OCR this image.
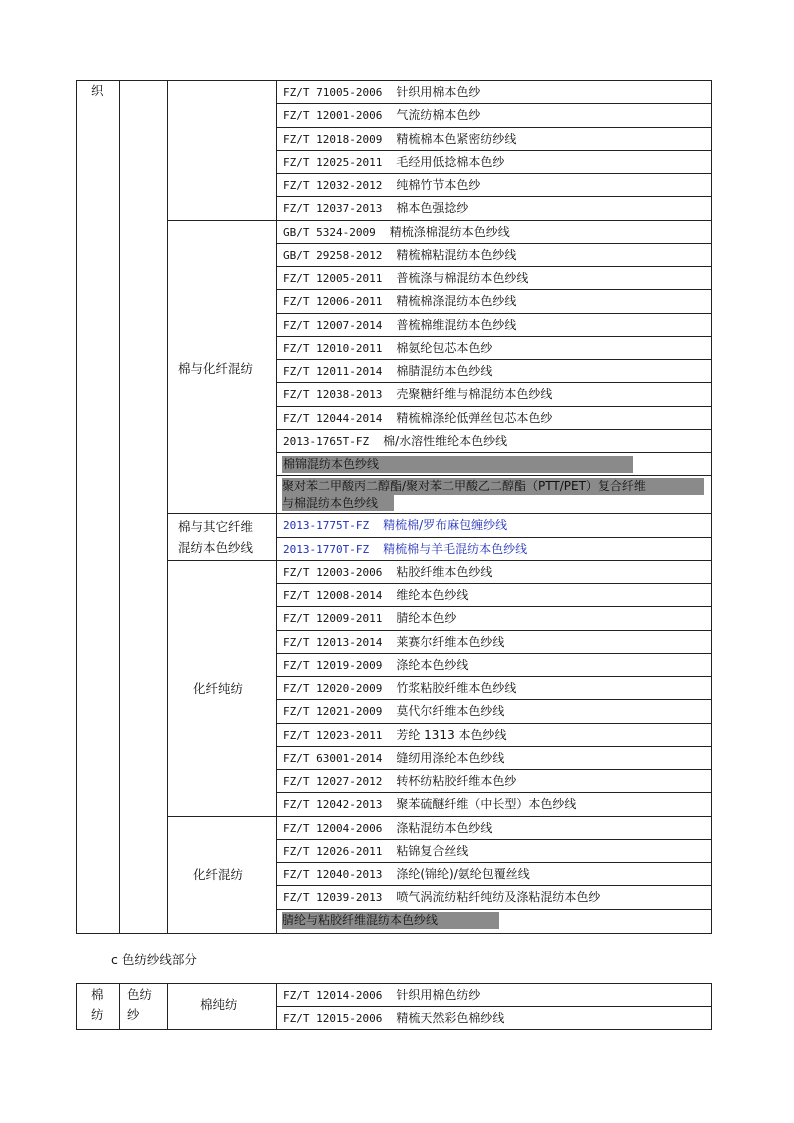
织	FZ/T 71005-2006 针织用棉本色纱
FZ/T 12001-2006 气流纺棉本色纱
FZ/T 12018-2009 精梳棉本色紧密纺纱线
FZ/T 12025-2011 毛经用低捻棉本色纱
FZ/T 12032-2012 纯棉竹节本色纱
FZ/T 12037-2013 棉本色强捻纱
GB/T 5324-2009 精梳涤棉混纺本色纱线
GB/T 29258-2012 精梳棉粘混纺本色纱线
FZ/T 12005-2011 普梳涤与棉混纺本色纱线
FZ/T 12006-2011 精梳棉涤混纺本色纱线
FZ/T 12007-2014 普梳棉维混纺本色纱线
FZ/T 12010-2011 棉氨纶包芯本色纱
FZ/T 12011-2014 棉腈混纺本色纱线
FZ/T 12038-2013 壳聚糖纤维与棉混纺本色纱线
FZ/T 12044-2014 精梳棉涤纶低弹丝包芯本色纱
2013-1765T-FZ 棉/水溶性维纶本色纱线
棉锦混纺本色纱线
聚对苯二甲酸丙二醇酯/聚对苯二甲酸乙二醇酯（PTT/PET）复合纤维
与棉混纺本色纱线
棉与化纤混纺
2013-1775T-FZ 精梳棉/罗布麻包缠纱线
2013-1770T-FZ 精梳棉与羊毛混纺本色纱线
棉与其它纤维
混纺本色纱线
FZ/T 12003-2006 粘胶纤维本色纱线
FZ/T 12008-2014 维纶本色纱线
FZ/T 12009-2011 腈纶本色纱
FZ/T 12013-2014 莱赛尔纤维本色纱线
FZ/T 12019-2009 涤纶本色纱线
FZ/T 12020-2009 竹浆粘胶纤维本色纱线
FZ/T 12021-2009 莫代尔纤维本色纱线
FZ/T 12023-2011 芳纶 1313 本色纱线
FZ/T 63001-2014 缝纫用涤纶本色纱线
FZ/T 12027-2012 转杯纺粘胶纤维本色纱
FZ/T 12042-2013 聚苯硫醚纤维（中长型）本色纱线
化纤纯纺
FZ/T 12004-2006 涤粘混纺本色纱线
FZ/T 12026-2011 粘锦复合丝线
FZ/T 12040-2013 涤纶(锦纶)/氨纶包覆丝线
FZ/T 12039-2013 喷气涡流纺粘纤纯纺及涤粘混纺本色纱
腈纶与粘胶纤维混纺本色纱线
化纤混纺
c 色纺纱线部分
棉
纺
色纺
纱
棉纯纺
FZ/T 12014-2006 针织用棉色纺纱
FZ/T 12015-2006 精梳天然彩色棉纱线
